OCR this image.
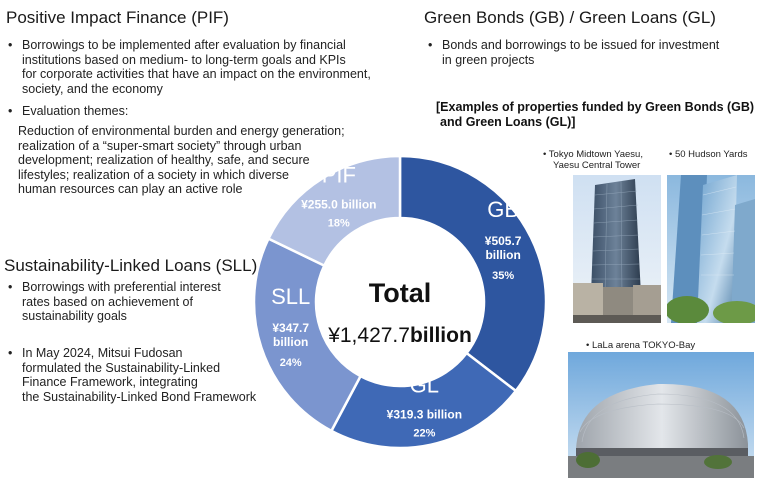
Positive Impact Finance (PIF)
• Borrowings to be implemented after evaluation by financial
institutions based on medium- to long-term goals and KPIs
for corporate activities that have an impact on the environment,
society, and the economy
• Evaluation themes:
Reduction of environmental burden and energy generation;
realization of a “super-smart society” through urban
development; realization of healthy, safe, and secure
lifestyles; realization of a society in which diverse
human resources can play an active role
Sustainability-Linked Loans (SLL)
• Borrowings with preferential interest
rates based on achievement of
sustainability goals
• In May 2024, Mitsui Fudosan
formulated the Sustainability-Linked
Finance Framework, integrating
the Sustainability-Linked Bond Framework
Green Bonds (GB) / Green Loans (GL)
• Bonds and borrowings to be issued for investment
in green projects
[Examples of properties funded by Green Bonds (GB)
and Green Loans (GL)]
• Tokyo Midtown Yaesu,
Yaesu Central Tower
• 50 Hudson Yards
• LaLa arena TOKYO-Bay
GB
¥505.7
billion
35%
GL
¥319.3 billion
22%
SLL
¥347.7
billion
24%
PIF
¥255.0 billion
18%
Total
¥1,427.7billion
